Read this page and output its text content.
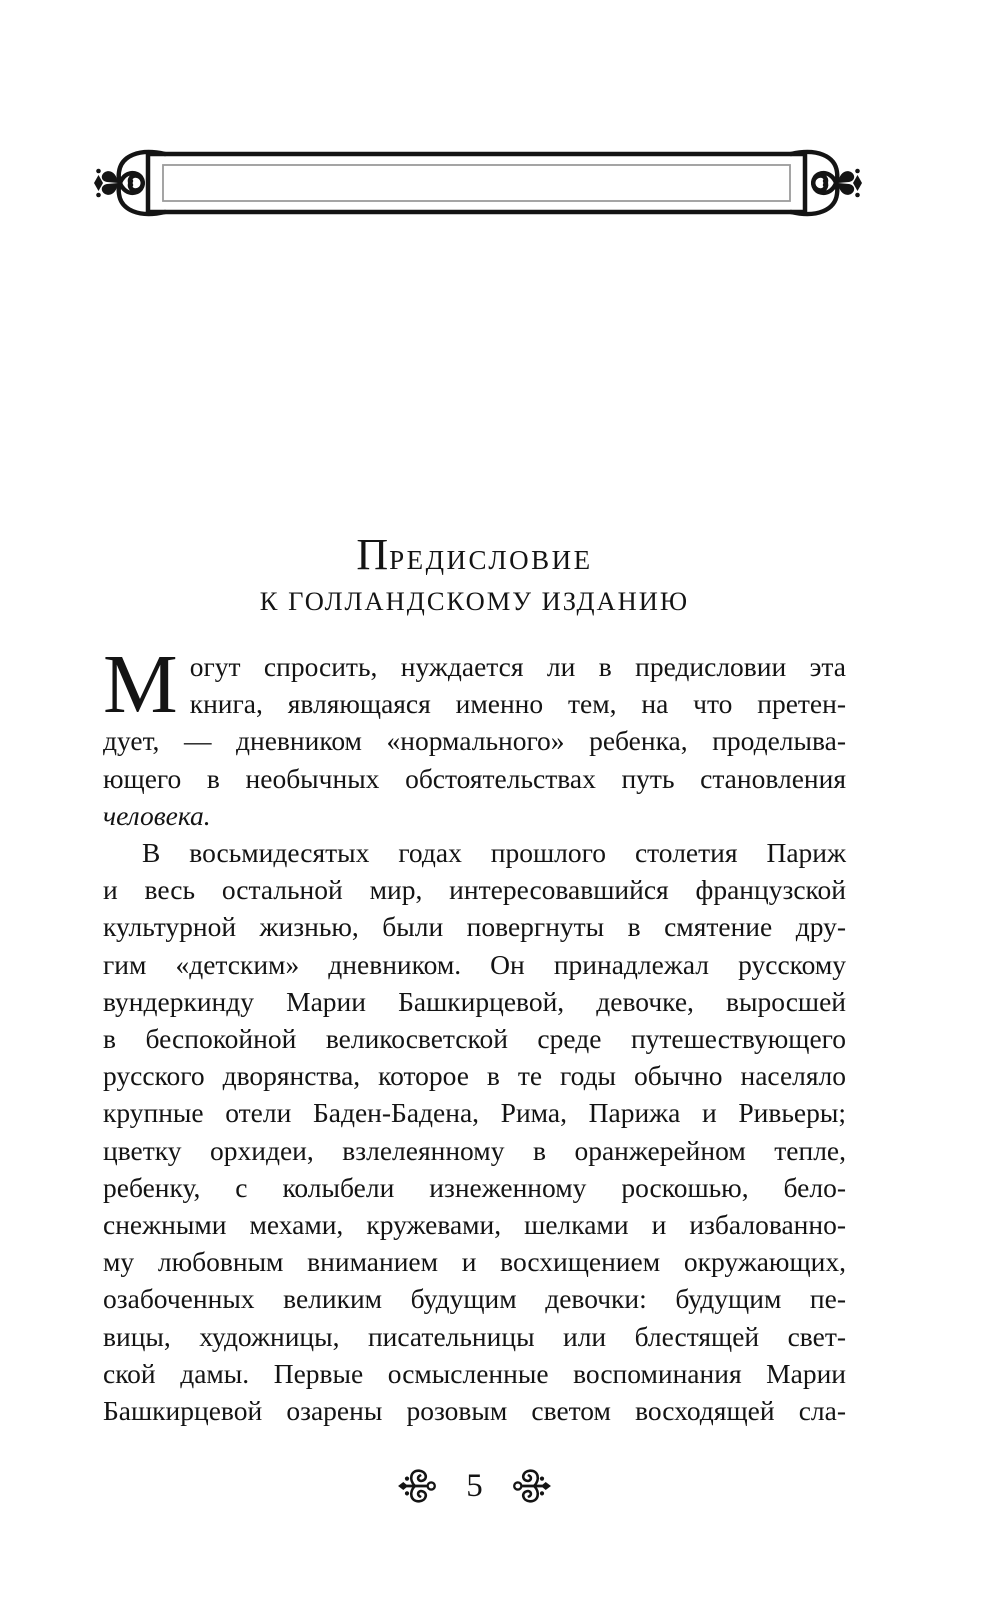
ПРЕДИСЛОВИЕ
К ГОЛЛАНДСКОМУ ИЗДАНИЮ
М огут спросить, нуждается ли в предисловии эта
книга, являющаяся именно тем, на что претен-
дует, — дневником «нормального» ребенка, проделыва-
ющего в необычных обстоятельствах путь становления
человека.
В восьмидесятых годах прошлого столетия Париж
и весь остальной мир, интересовавшийся французской
культурной жизнью, были повергнуты в смятение дру-
гим «детским» дневником. Он принадлежал русскому
вундеркинду Марии Башкирцевой, девочке, выросшей
в беспокойной великосветской среде путешествующего
русского дворянства, которое в те годы обычно населяло
крупные отели Баден-Бадена, Рима, Парижа и Ривьеры;
цветку орхидеи, взлелеянному в оранжерейном тепле,
ребенку, с колыбели изнеженному роскошью, бело-
снежными мехами, кружевами, шелками и избалованно-
му любовным вниманием и восхищением окружающих,
озабоченных великим будущим девочки: будущим пе-
вицы, художницы, писательницы или блестящей свет-
ской дамы. Первые осмысленные воспоминания Марии
Башкирцевой озарены розовым светом восходящей сла-
5
